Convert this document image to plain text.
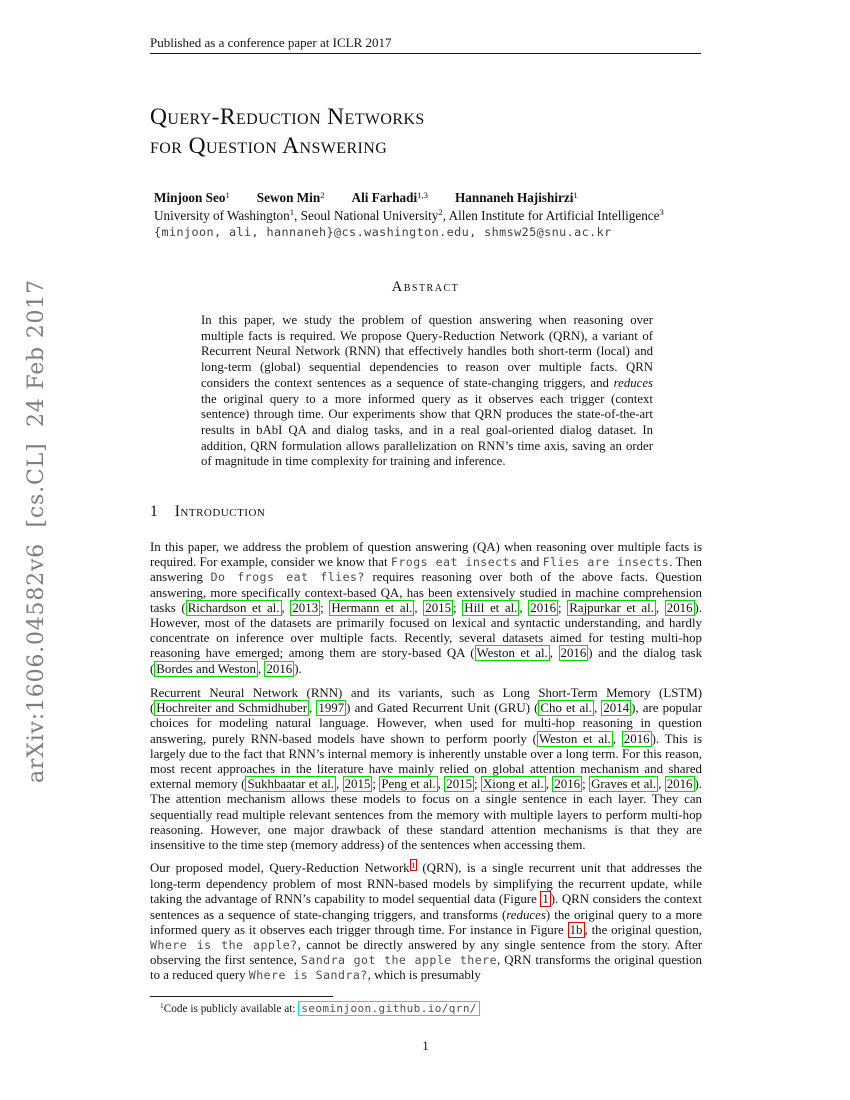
Published as a conference paper at ICLR 2017
Query-Reduction Networks
for Question Answering
Minjoon Seo$^1$ Sewon Min$^2$ Ali Farhadi$^{1,3}$ Hannaneh Hajishirzi$^1$
University of Washington$^1$, Seoul National University$^2$, Allen Institute for Artificial Intelligence$^3$
{minjoon, ali, hannaneh}@cs.washington.edu, shmsw25@snu.ac.kr
Abstract
In this paper, we study the problem of question answering when reasoning over multiple facts is required. We propose Query-Reduction Network (QRN), a variant of Recurrent Neural Network (RNN) that effectively handles both short-term (local) and long-term (global) sequential dependencies to reason over multiple facts. QRN considers the context sentences as a sequence of state-changing triggers, and reduces the original query to a more informed query as it observes each trigger (context sentence) through time. Our experiments show that QRN produces the state-of-the-art results in bAbI QA and dialog tasks, and in a real goal-oriented dialog dataset. In addition, QRN formulation allows parallelization on RNN’s time axis, saving an order of magnitude in time complexity for training and inference.
1 Introduction
In this paper, we address the problem of question answering (QA) when reasoning over multiple facts is required. For example, consider we know that Frogs eat insects and Flies are insects. Then answering Do frogs eat flies? requires reasoning over both of the above facts. Question answering, more specifically context-based QA, has been extensively studied in machine comprehension tasks ( Richardson et al. , 2013 ; Hermann et al. , 2015 ; Hill et al. , 2016 ; Rajpurkar et al. , 2016 ). However, most of the datasets are primarily focused on lexical and syntactic understanding, and hardly concentrate on inference over multiple facts. Recently, several datasets aimed for testing multi-hop reasoning have emerged; among them are story-based QA ( Weston et al. , 2016 ) and the dialog task ( Bordes and Weston , 2016 ).
Recurrent Neural Network (RNN) and its variants, such as Long Short-Term Memory (LSTM) ( Hochreiter and Schmidhuber , 1997 ) and Gated Recurrent Unit (GRU) ( Cho et al. , 2014 ), are popular choices for modeling natural language. However, when used for multi-hop reasoning in question answering, purely RNN-based models have shown to perform poorly ( Weston et al. , 2016 ). This is largely due to the fact that RNN’s internal memory is inherently unstable over a long term. For this reason, most recent approaches in the literature have mainly relied on global attention mechanism and shared external memory ( Sukhbaatar et al. , 2015 ; Peng et al. , 2015 ; Xiong et al. , 2016 ; Graves et al. , 2016 ). The attention mechanism allows these models to focus on a single sentence in each layer. They can sequentially read multiple relevant sentences from the memory with multiple layers to perform multi-hop reasoning. However, one major drawback of these standard attention mechanisms is that they are insensitive to the time step (memory address) of the sentences when accessing them.
Our proposed model, Query-Reduction Network $^1$ (QRN), is a single recurrent unit that addresses the long-term dependency problem of most RNN-based models by simplifying the recurrent update, while taking the advantage of RNN’s capability to model sequential data (Figure 1 ). QRN considers the context sentences as a sequence of state-changing triggers, and transforms (reduces) the original query to a more informed query as it observes each trigger through time. For instance in Figure 1b , the original question, Where is the apple?, cannot be directly answered by any single sentence from the story. After observing the first sentence, Sandra got the apple there, QRN transforms the original question to a reduced query Where is Sandra?, which is presumably
$^1$Code is publicly available at: seominjoon.github.io/qrn/
1
arXiv:1606.04582v6  [cs.CL]  24 Feb 2017
